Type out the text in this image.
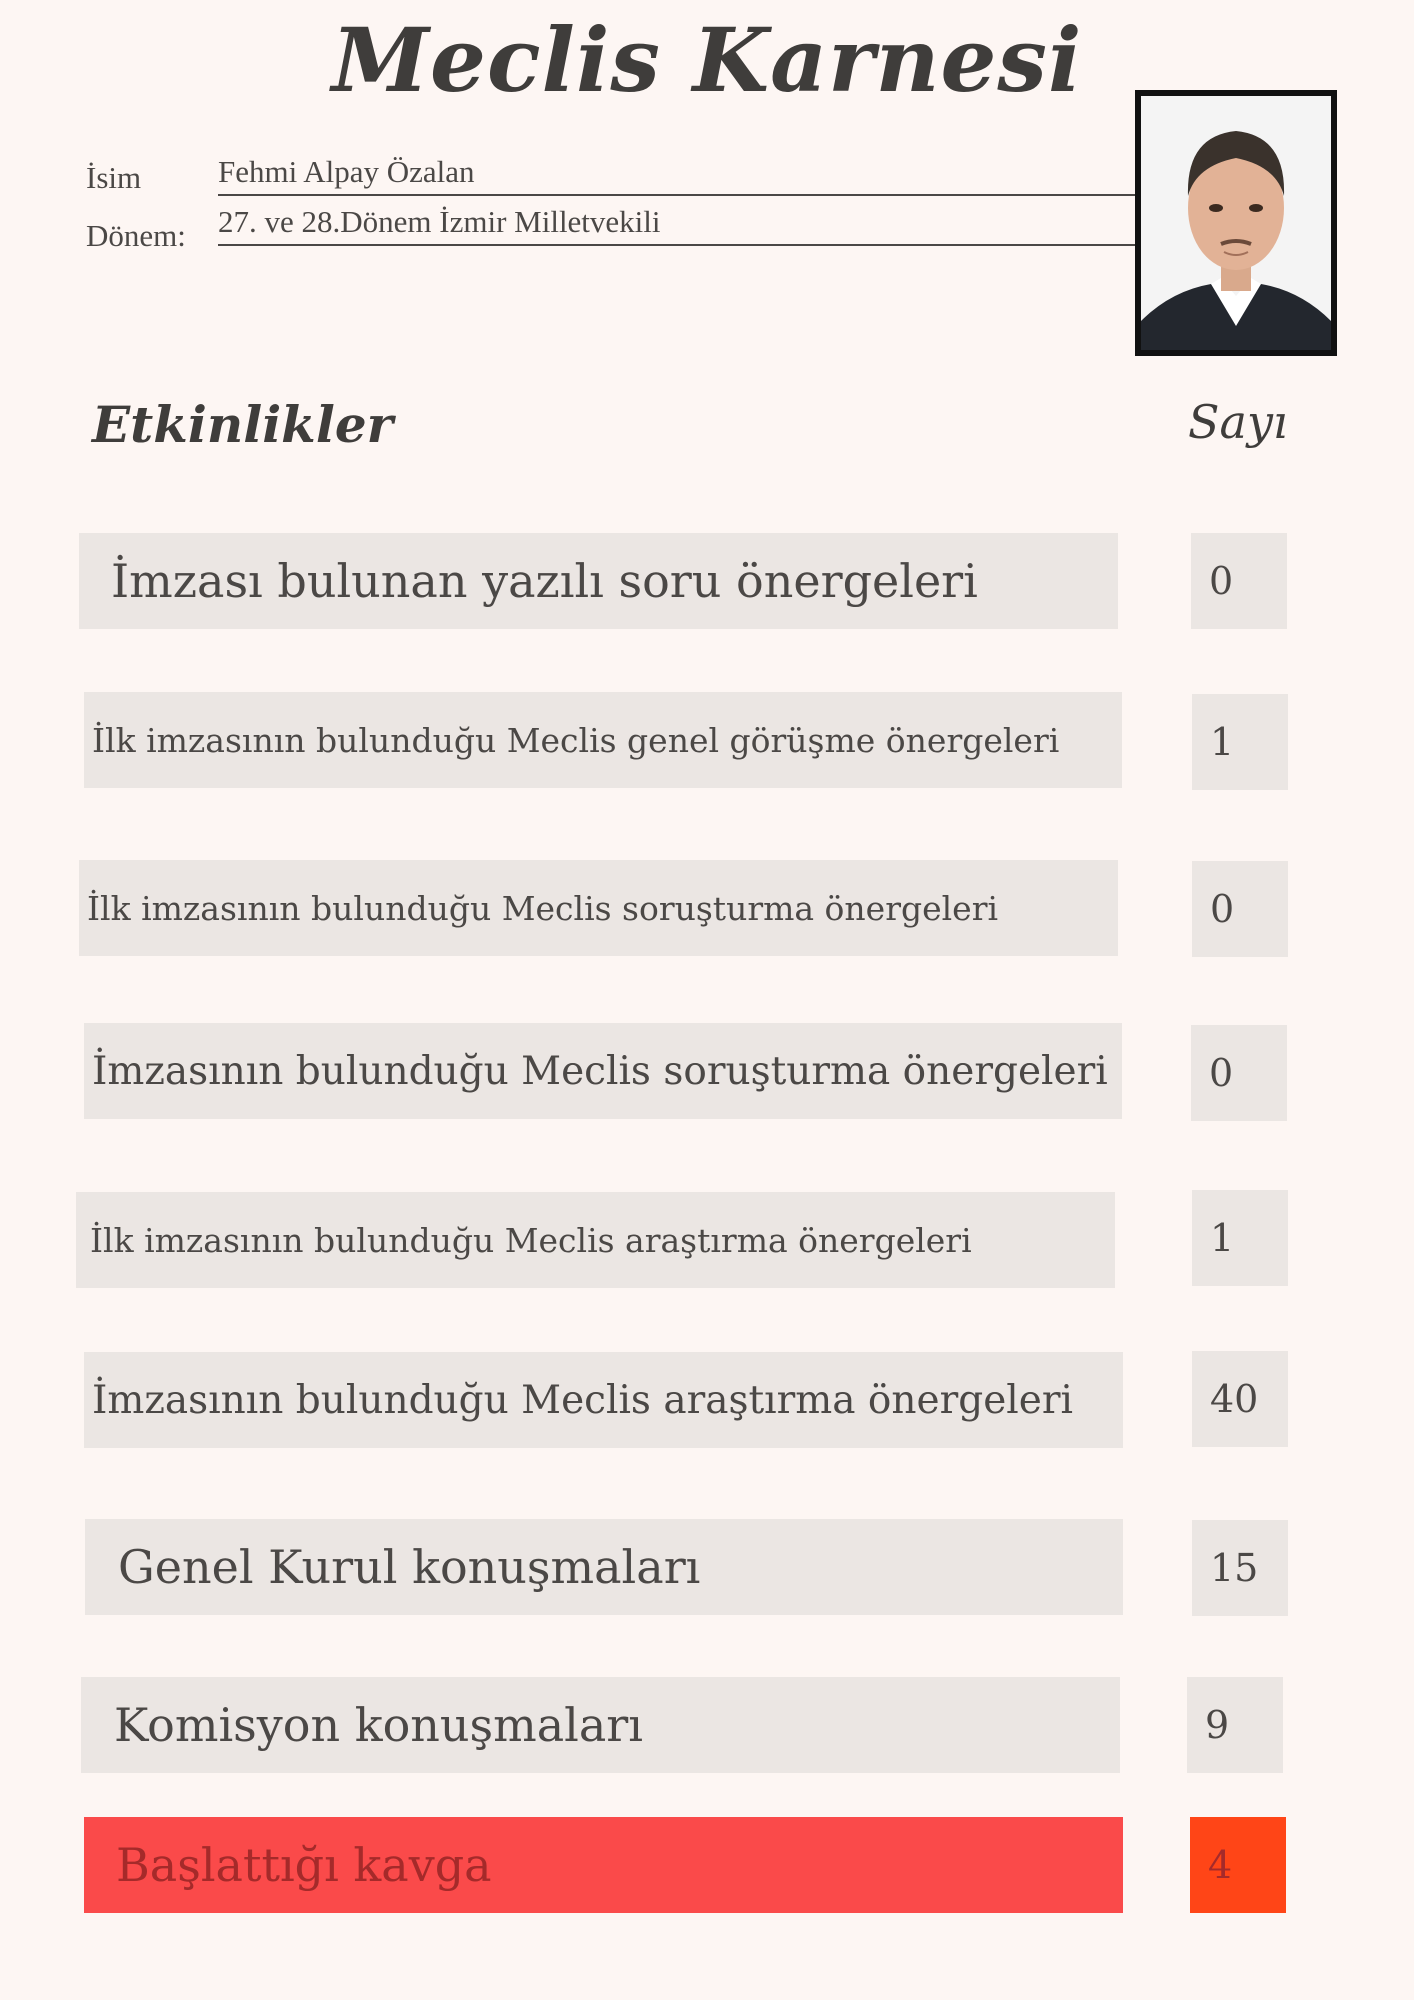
Meclis Karnesi
İsim Fehmi Alpay Özalan
Dönem: 27. ve 28.Dönem İzmir Milletvekili
Etkinlikler	Sayı
İmzası bulunan yazılı soru önergeleri	0
İlk imzasının bulunduğu Meclis genel görüşme önergeleri	1
İlk imzasının bulunduğu Meclis soruşturma önergeleri	0
İmzasının bulunduğu Meclis soruşturma önergeleri	0
İlk imzasının bulunduğu Meclis araştırma önergeleri	1
İmzasının bulunduğu Meclis araştırma önergeleri	40
Genel Kurul konuşmaları	15
Komisyon konuşmaları	9
Başlattığı kavga	4
